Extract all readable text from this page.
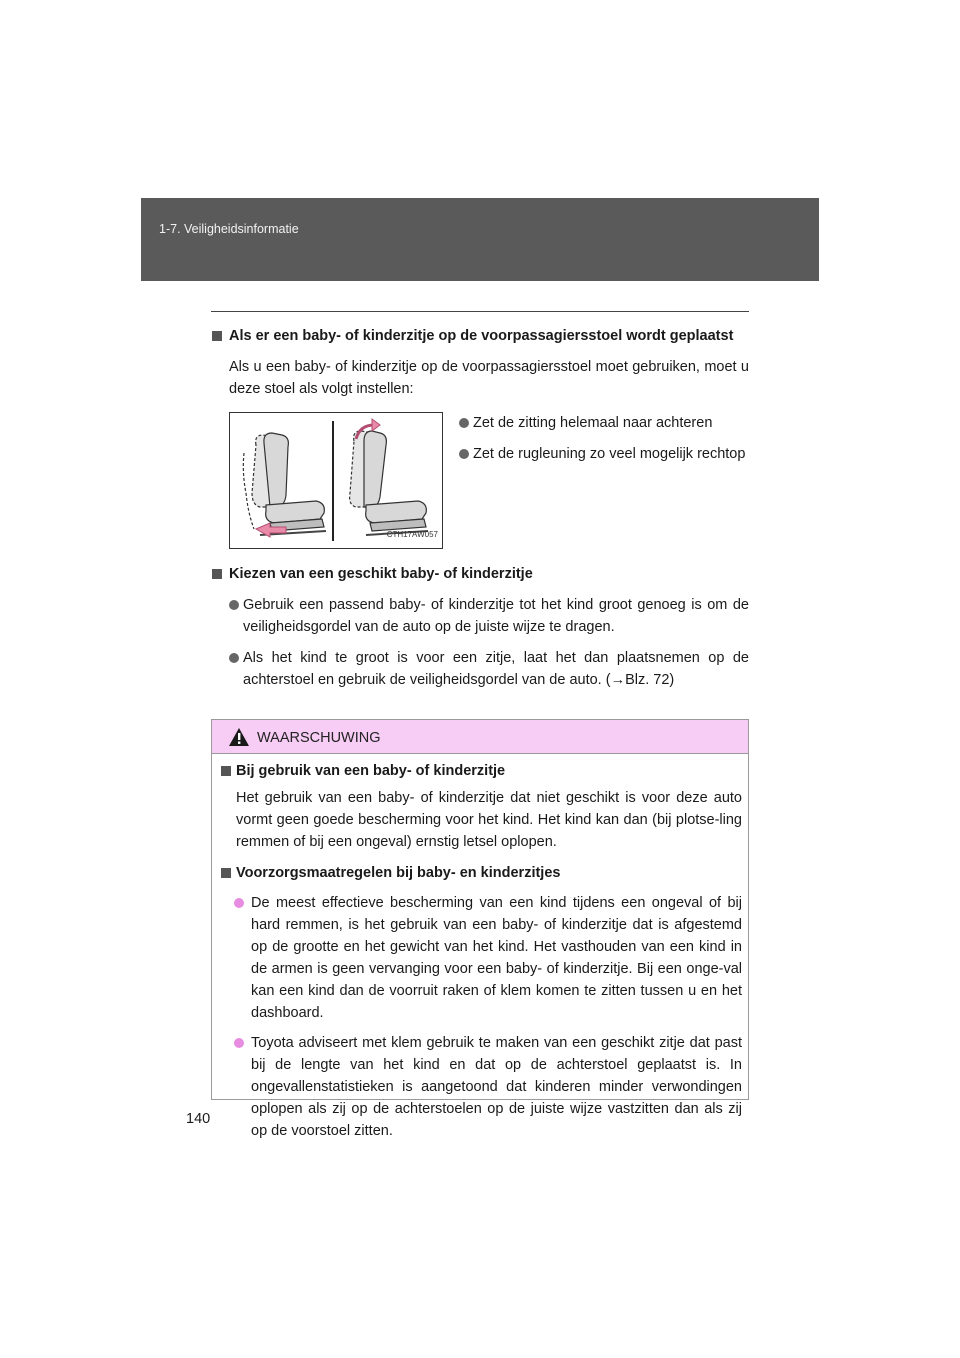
1-7. Veiligheidsinformatie
Als er een baby- of kinderzitje op de voorpassagiersstoel wordt geplaatst
Als u een baby- of kinderzitje op de voorpassagiersstoel moet gebruiken, moet u deze stoel als volgt instellen:
CTH17AW057
Zet de zitting helemaal naar achteren
Zet de rugleuning zo veel mogelijk rechtop
Kiezen van een geschikt baby- of kinderzitje
Gebruik een passend baby- of kinderzitje tot het kind groot genoeg is om de veiligheidsgordel van de auto op de juiste wijze te dragen.
Als het kind te groot is voor een zitje, laat het dan plaatsnemen op de achterstoel en gebruik de veiligheidsgordel van de auto. (→Blz. 72)
WAARSCHUWING
Bij gebruik van een baby- of kinderzitje
Het gebruik van een baby- of kinderzitje dat niet geschikt is voor deze auto vormt geen goede bescherming voor het kind. Het kind kan dan (bij plotse-ling remmen of bij een ongeval) ernstig letsel oplopen.
Voorzorgsmaatregelen bij baby- en kinderzitjes
De meest effectieve bescherming van een kind tijdens een ongeval of bij hard remmen, is het gebruik van een baby- of kinderzitje dat is afgestemd op de grootte en het gewicht van het kind. Het vasthouden van een kind in de armen is geen vervanging voor een baby- of kinderzitje. Bij een onge-val kan een kind dan de voorruit raken of klem komen te zitten tussen u en het dashboard.
Toyota adviseert met klem gebruik te maken van een geschikt zitje dat past bij de lengte van het kind en dat op de achterstoel geplaatst is. In ongevallenstatistieken is aangetoond dat kinderen minder verwondingen oplopen als zij op de achterstoelen op de juiste wijze vastzitten dan als zij op de voorstoel zitten.
140
